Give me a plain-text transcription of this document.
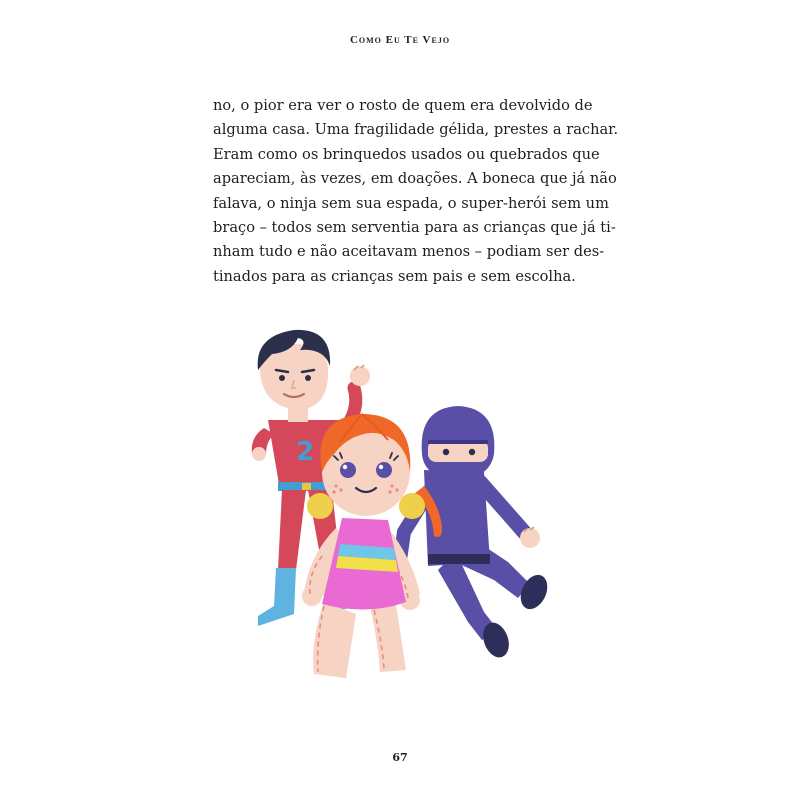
Como Eu Te Vejo
no, o pior era ver o rosto de quem era devolvido de
alguma casa. Uma fragilidade gélida, prestes a rachar.
Eram como os brinquedos usados ou quebrados que
apareciam, às vezes, em doações. A boneca que já não
falava, o ninja sem sua espada, o super-herói sem um
braço – todos sem serventia para as crianças que já ti-
nham tudo e não aceitavam menos – podiam ser des-
tinados para as crianças sem pais e sem escolha.
2
67
